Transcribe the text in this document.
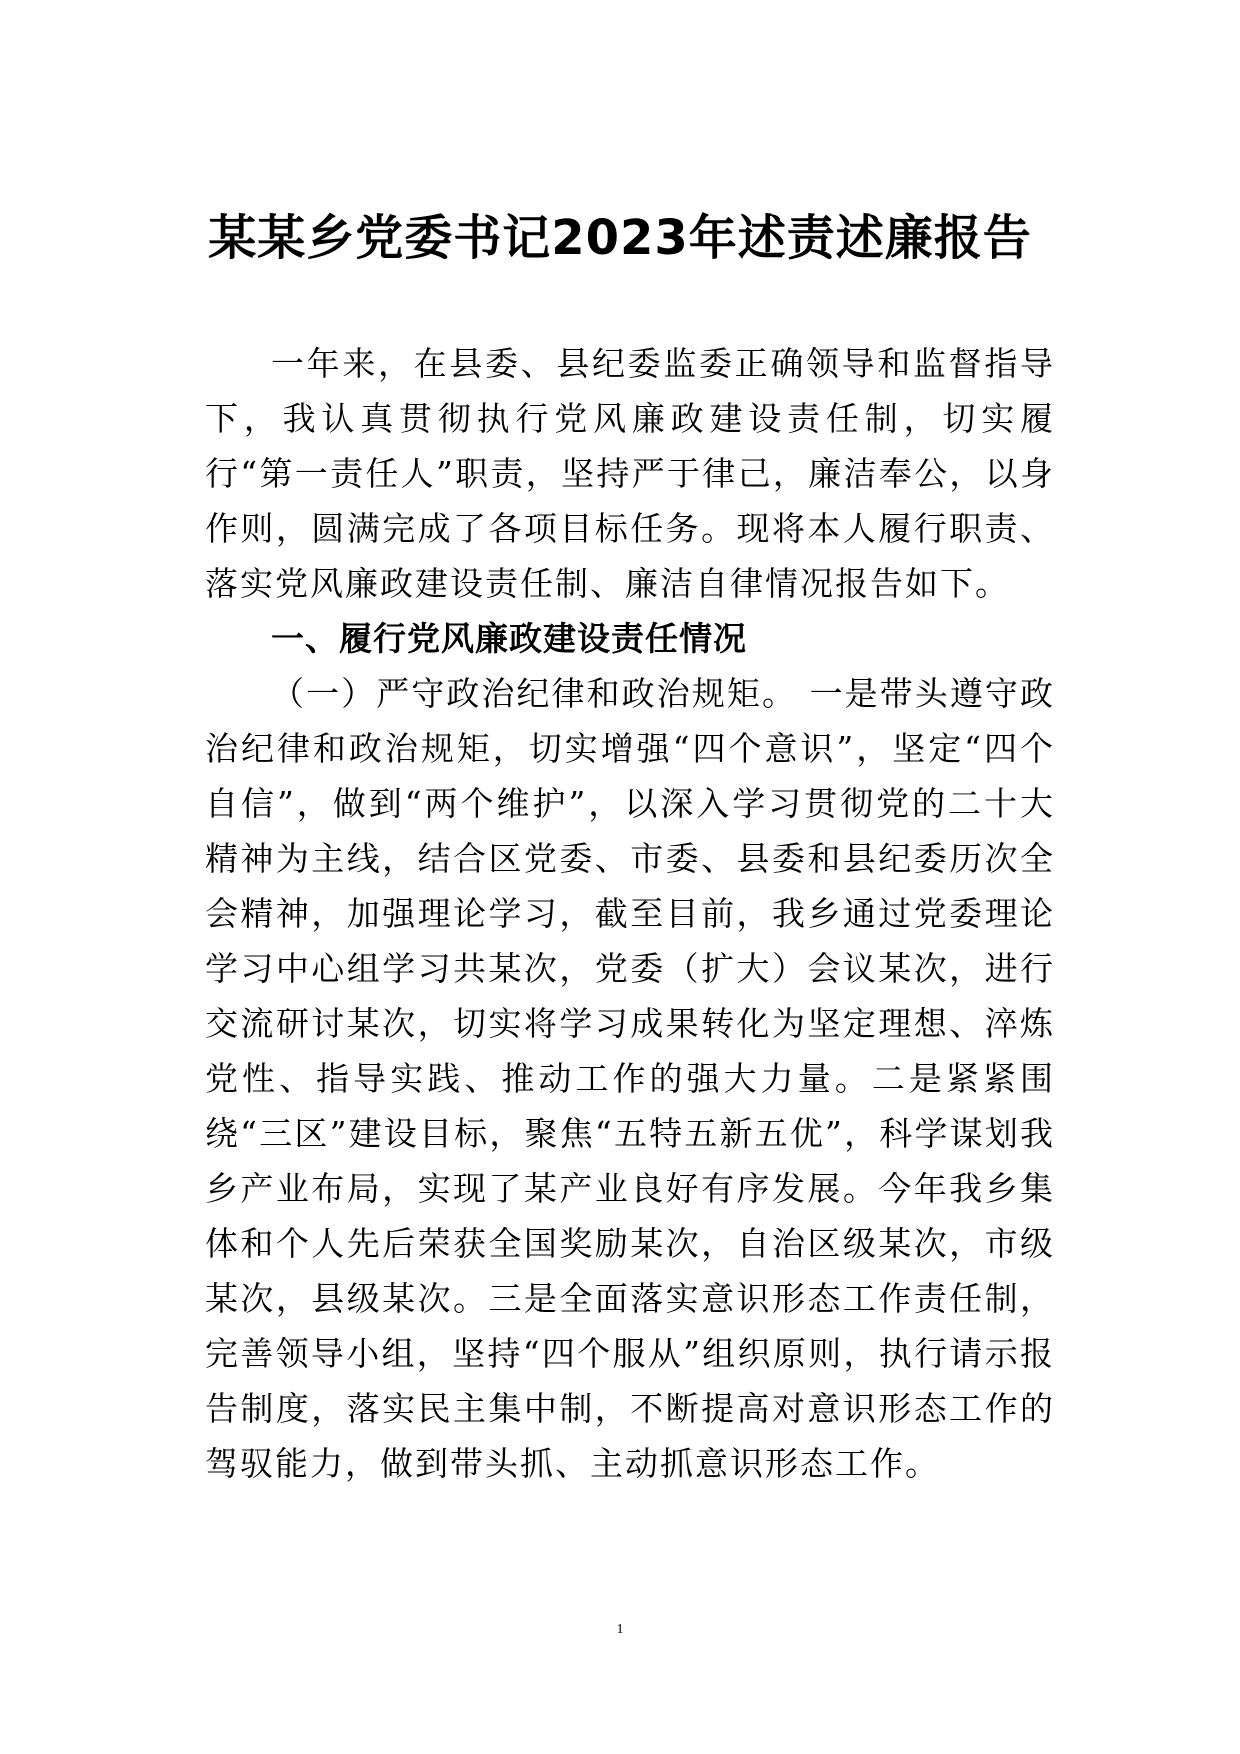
某某乡党委书记2023年述责述廉报告

一年来，在县委、县纪委监委正确领导和监督指导下，我认真贯彻执行党风廉政建设责任制，切实履行“第一责任人”职责，坚持严于律己，廉洁奉公，以身作则，圆满完成了各项目标任务。现将本人履行职责、落实党风廉政建设责任制、廉洁自律情况报告如下。

一、履行党风廉政建设责任情况

（一）严守政治纪律和政治规矩。 一是带头遵守政治纪律和政治规矩，切实增强“四个意识”，坚定“四个自信”，做到“两个维护”，以深入学习贯彻党的二十大精神为主线，结合区党委、市委、县委和县纪委历次全会精神，加强理论学习，截至目前，我乡通过党委理论学习中心组学习共某次，党委（扩大）会议某次，进行交流研讨某次，切实将学习成果转化为坚定理想、淬炼党性、指导实践、推动工作的强大力量。二是紧紧围绕“三区”建设目标，聚焦“五特五新五优”，科学谋划我乡产业布局，实现了某产业良好有序发展。今年我乡集体和个人先后荣获全国奖励某次，自治区级某次，市级某次，县级某次。三是全面落实意识形态工作责任制，完善领导小组，坚持“四个服从”组织原则，执行请示报告制度，落实民主集中制，不断提高对意识形态工作的驾驭能力，做到带头抓、主动抓意识形态工作。

1
